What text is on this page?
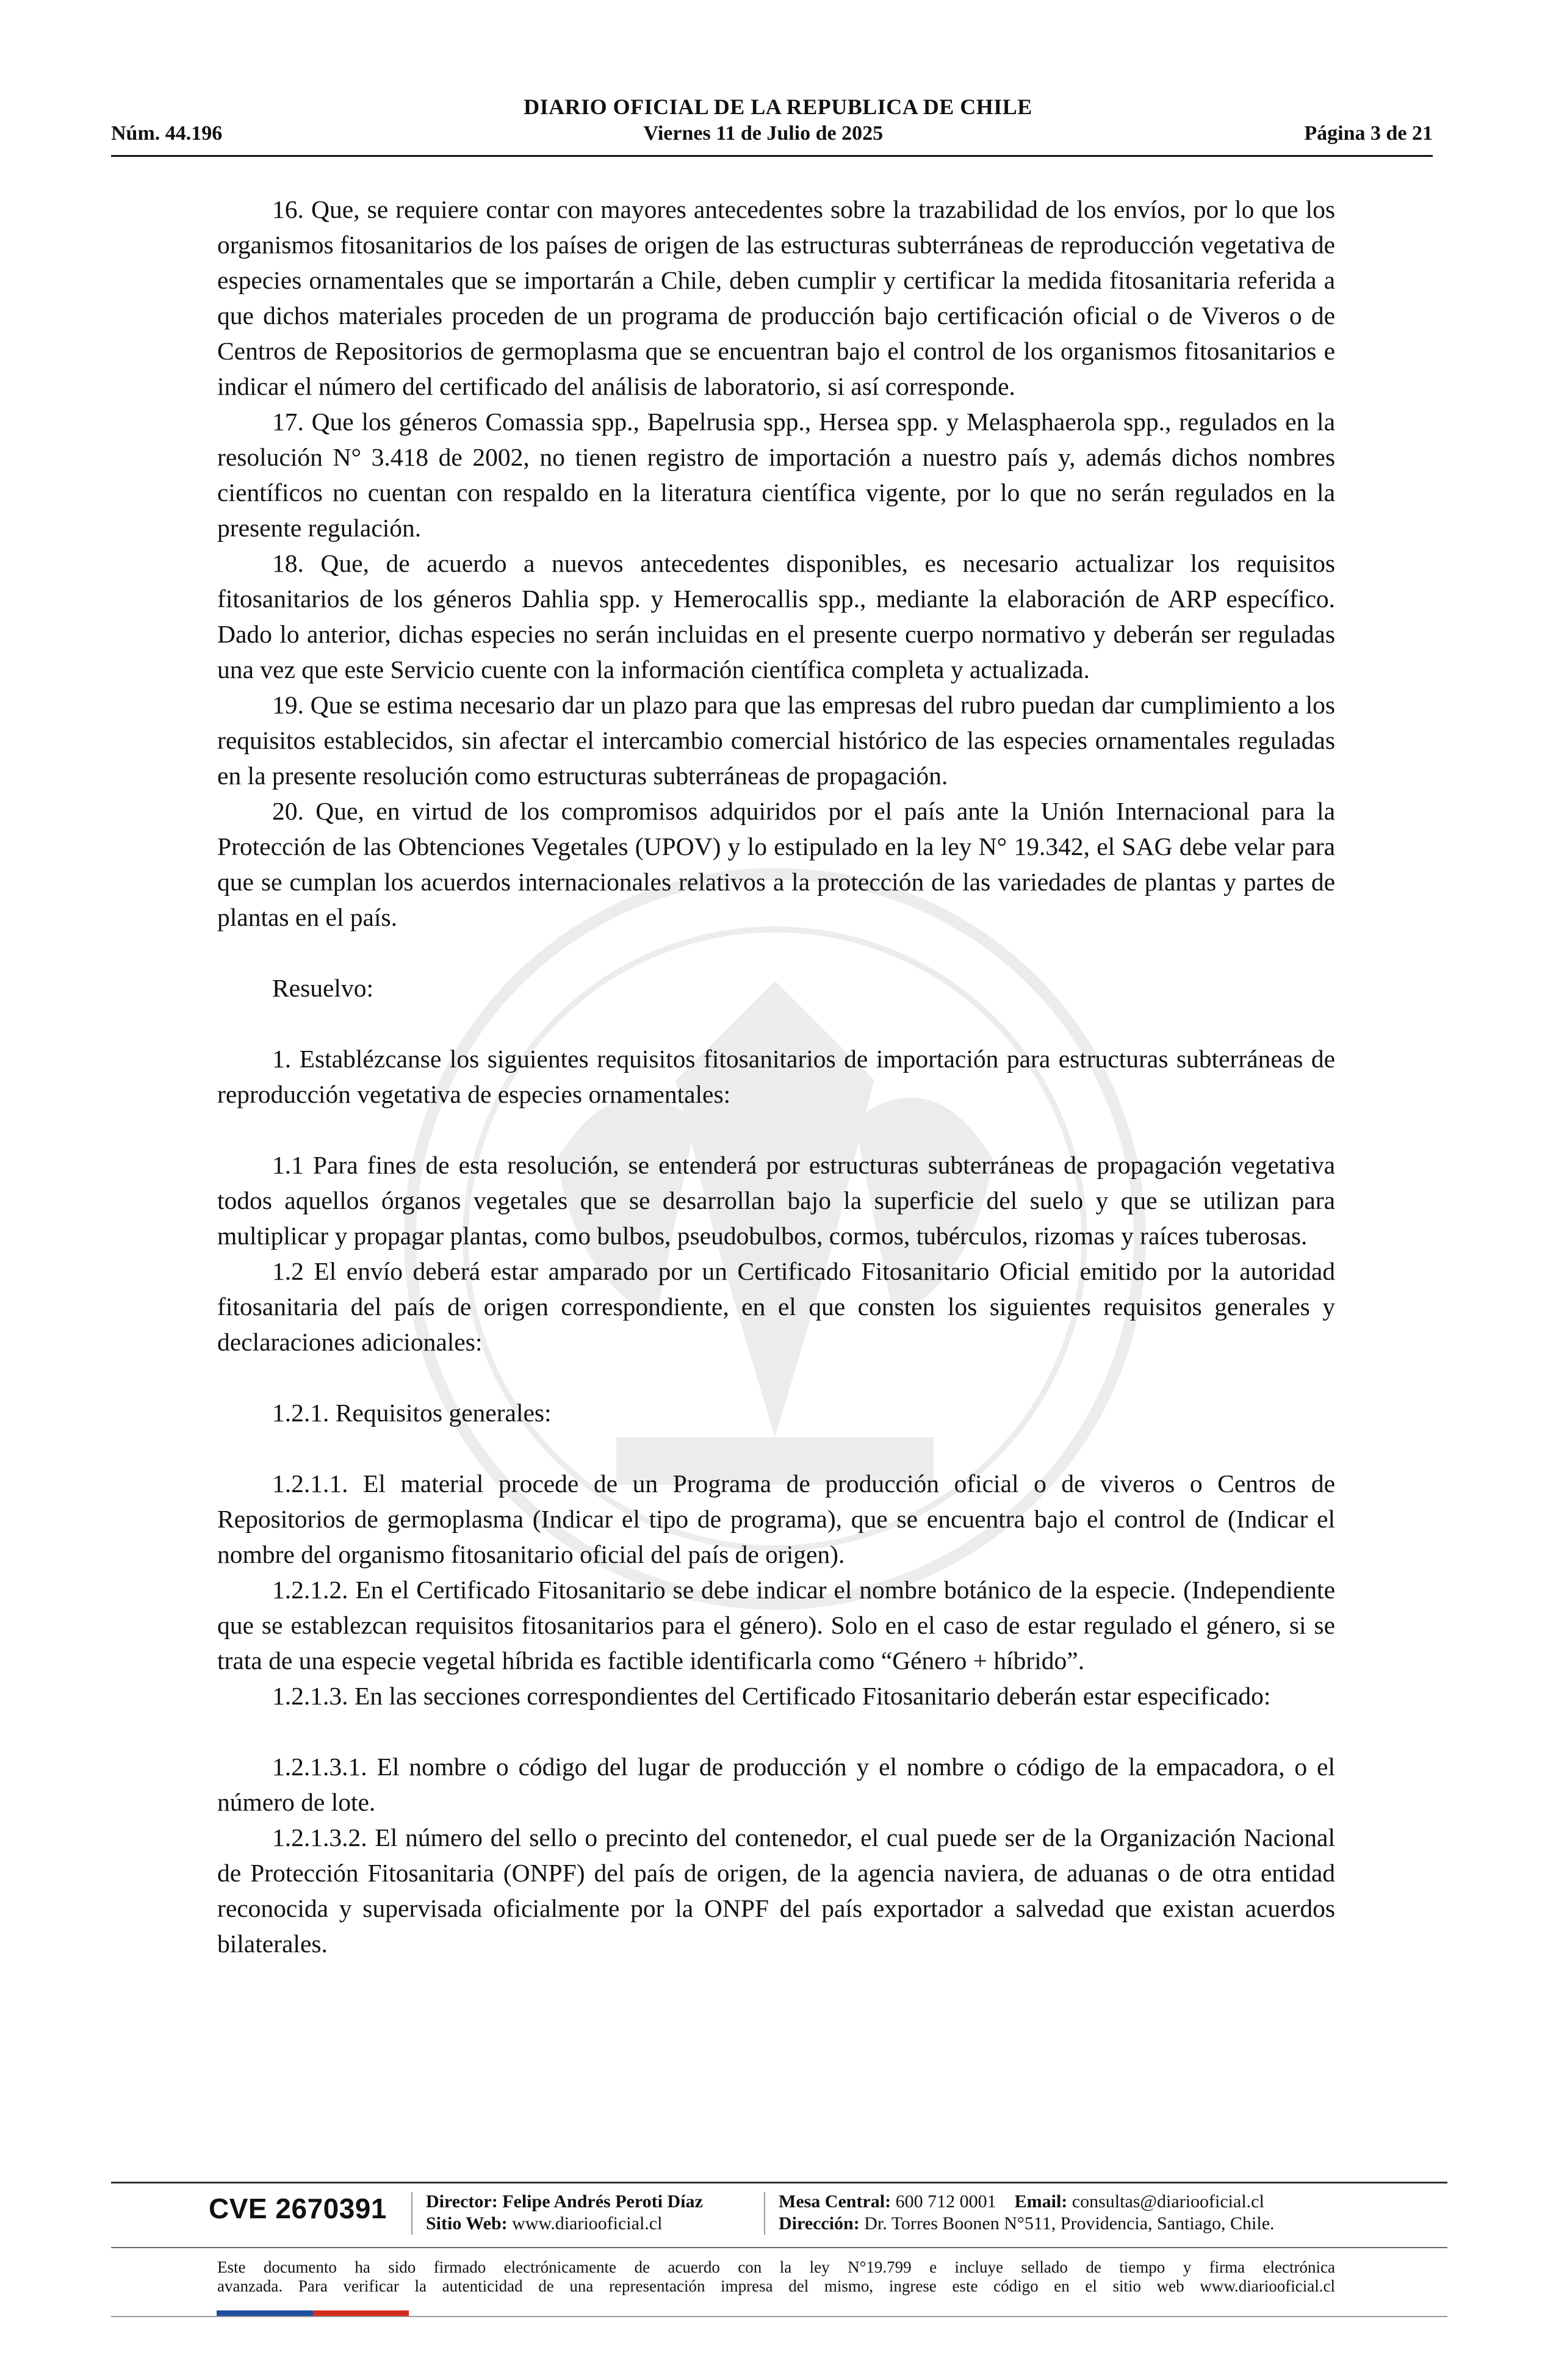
DIARIO OFICIAL DE LA REPUBLICA DE CHILE
Núm. 44.196	Viernes 11 de Julio de 2025	Página 3 de 21

16. Que, se requiere contar con mayores antecedentes sobre la trazabilidad de los envíos, por lo que los organismos fitosanitarios de los países de origen de las estructuras subterráneas de reproducción vegetativa de especies ornamentales que se importarán a Chile, deben cumplir y certificar la medida fitosanitaria referida a que dichos materiales proceden de un programa de producción bajo certificación oficial o de Viveros o de Centros de Repositorios de germoplasma que se encuentran bajo el control de los organismos fitosanitarios e indicar el número del certificado del análisis de laboratorio, si así corresponde.

17. Que los géneros Comassia spp., Bapelrusia spp., Hersea spp. y Melasphaerola spp., regulados en la resolución N° 3.418 de 2002, no tienen registro de importación a nuestro país y, además dichos nombres científicos no cuentan con respaldo en la literatura científica vigente, por lo que no serán regulados en la presente regulación.

18. Que, de acuerdo a nuevos antecedentes disponibles, es necesario actualizar los requisitos fitosanitarios de los géneros Dahlia spp. y Hemerocallis spp., mediante la elaboración de ARP específico. Dado lo anterior, dichas especies no serán incluidas en el presente cuerpo normativo y deberán ser reguladas una vez que este Servicio cuente con la información científica completa y actualizada.

19. Que se estima necesario dar un plazo para que las empresas del rubro puedan dar cumplimiento a los requisitos establecidos, sin afectar el intercambio comercial histórico de las especies ornamentales reguladas en la presente resolución como estructuras subterráneas de propagación.

20. Que, en virtud de los compromisos adquiridos por el país ante la Unión Internacional para la Protección de las Obtenciones Vegetales (UPOV) y lo estipulado en la ley N° 19.342, el SAG debe velar para que se cumplan los acuerdos internacionales relativos a la protección de las variedades de plantas y partes de plantas en el país.

Resuelvo:

1. Establézcanse los siguientes requisitos fitosanitarios de importación para estructuras subterráneas de reproducción vegetativa de especies ornamentales:

1.1 Para fines de esta resolución, se entenderá por estructuras subterráneas de propagación vegetativa todos aquellos órganos vegetales que se desarrollan bajo la superficie del suelo y que se utilizan para multiplicar y propagar plantas, como bulbos, pseudobulbos, cormos, tubérculos, rizomas y raíces tuberosas.

1.2 El envío deberá estar amparado por un Certificado Fitosanitario Oficial emitido por la autoridad fitosanitaria del país de origen correspondiente, en el que consten los siguientes requisitos generales y declaraciones adicionales:

1.2.1. Requisitos generales:

1.2.1.1. El material procede de un Programa de producción oficial o de viveros o Centros de Repositorios de germoplasma (Indicar el tipo de programa), que se encuentra bajo el control de (Indicar el nombre del organismo fitosanitario oficial del país de origen).

1.2.1.2. En el Certificado Fitosanitario se debe indicar el nombre botánico de la especie. (Independiente que se establezcan requisitos fitosanitarios para el género). Solo en el caso de estar regulado el género, si se trata de una especie vegetal híbrida es factible identificarla como “Género + híbrido”.

1.2.1.3. En las secciones correspondientes del Certificado Fitosanitario deberán estar especificado:

1.2.1.3.1. El nombre o código del lugar de producción y el nombre o código de la empacadora, o el número de lote.

1.2.1.3.2. El número del sello o precinto del contenedor, el cual puede ser de la Organización Nacional de Protección Fitosanitaria (ONPF) del país de origen, de la agencia naviera, de aduanas o de otra entidad reconocida y supervisada oficialmente por la ONPF del país exportador a salvedad que existan acuerdos bilaterales.

CVE 2670391 Director: Felipe Andrés Peroti Díaz
Sitio Web: www.diariooficial.cl
Mesa Central: 600 712 0001 Email: consultas@diariooficial.cl
Dirección: Dr. Torres Boonen N°511, Providencia, Santiago, Chile.
Este documento ha sido firmado electrónicamente de acuerdo con la ley N°19.799 e incluye sellado de tiempo y firma electrónica
avanzada. Para verificar la autenticidad de una representación impresa del mismo, ingrese este código en el sitio web www.diariooficial.cl
